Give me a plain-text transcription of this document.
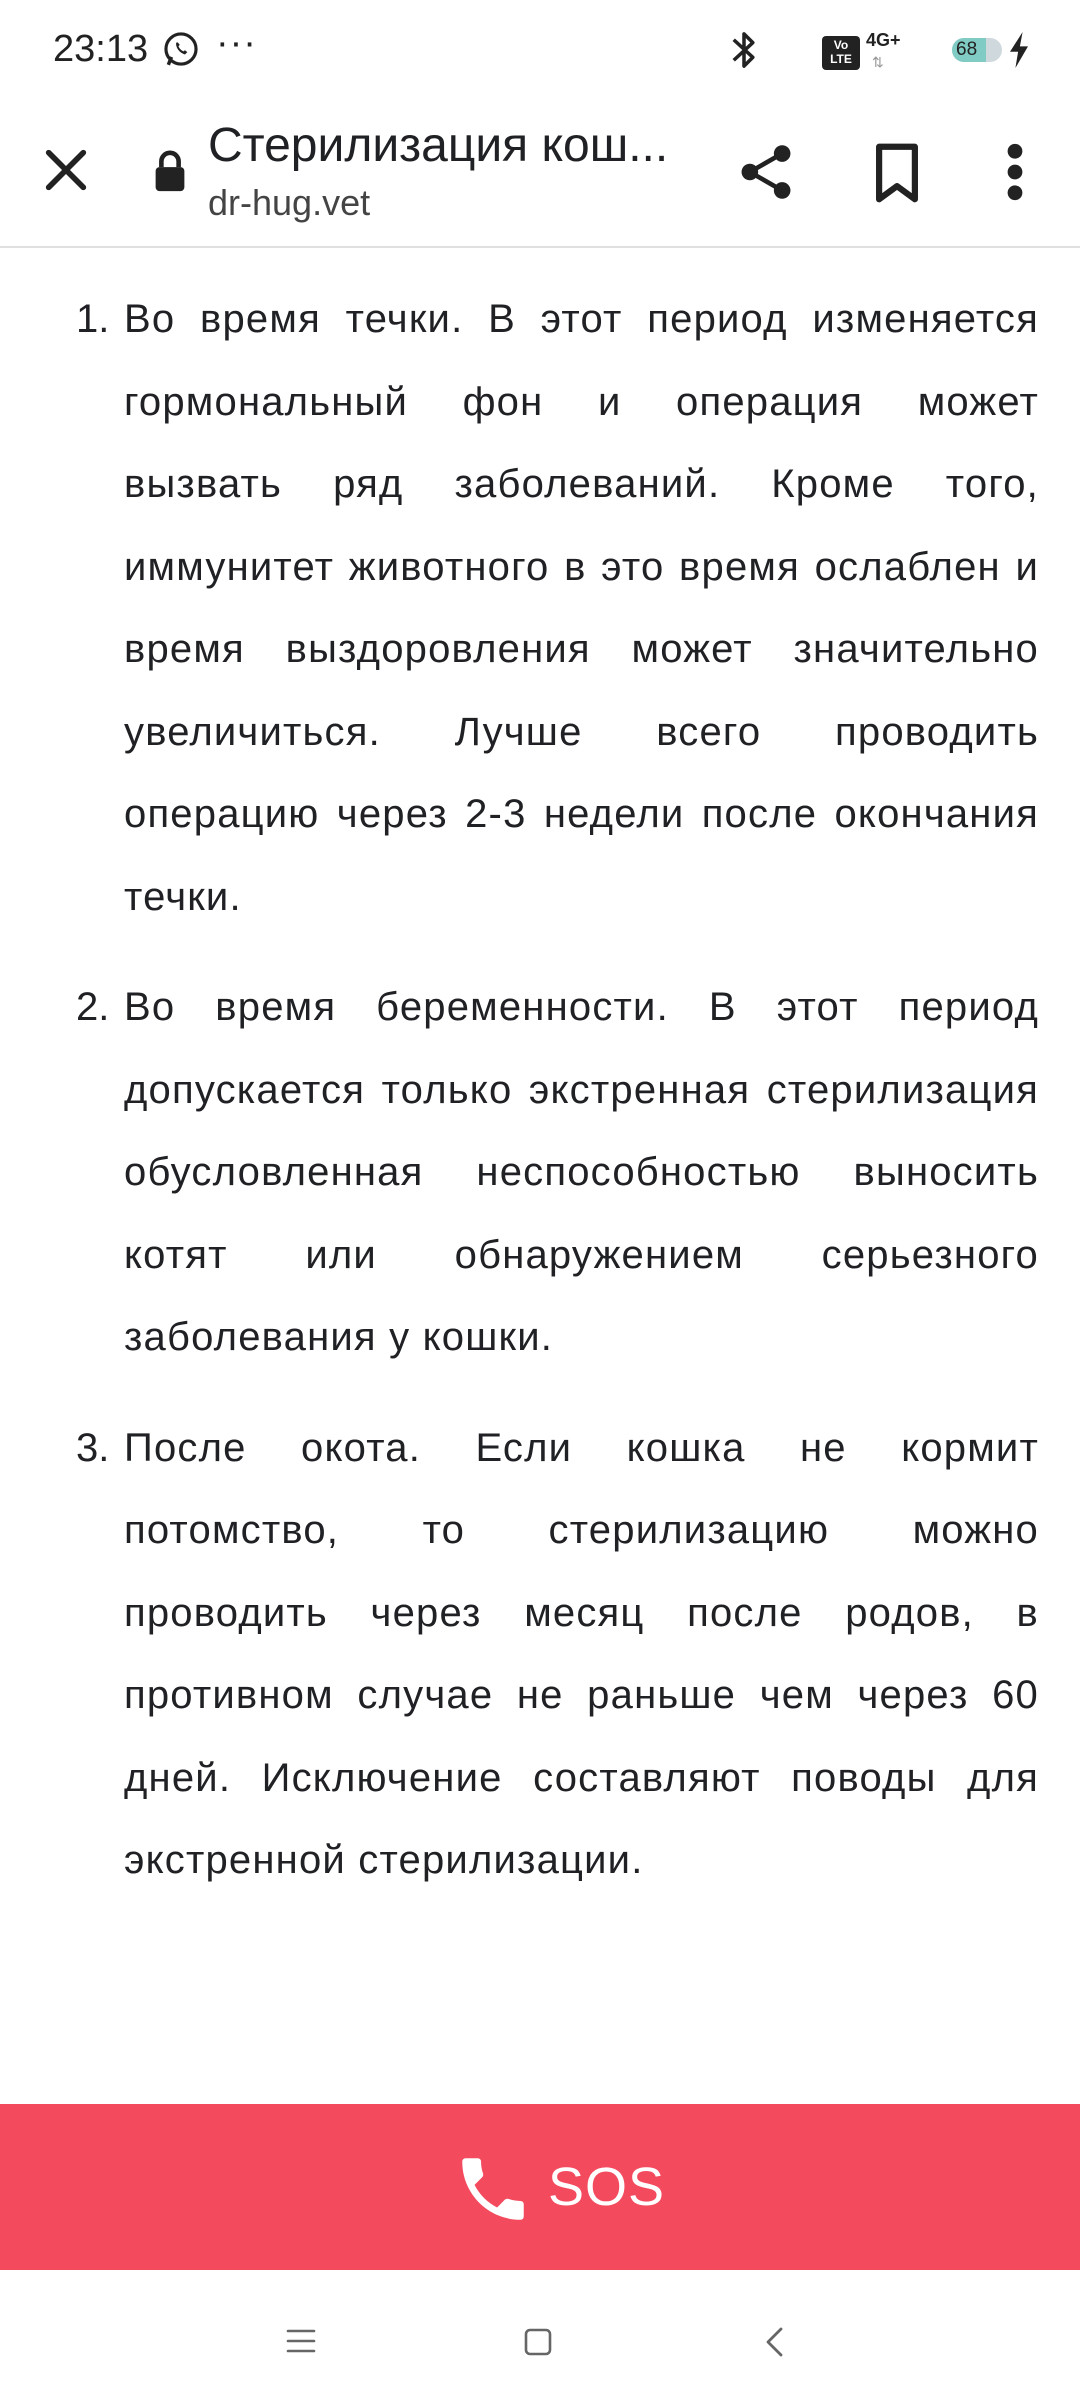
23:13 ···	Vo
LTE
4G+
⇅
68
Стерилизация кош...
dr-hug.vet
1. Во время течки. В этот период изменяется гормональный фон и операция может вызвать ряд заболеваний. Кроме того, иммунитет животного в это время ослаблен и время выздоровления может значительно увеличиться. Лучше всего проводить операцию через 2-3 недели после окончания течки.
2. Во время беременности. В этот период допускается только экстренная стерилизация обусловленная неспособностью выносить котят или обнаружением серьезного заболевания у кошки.
3. После окота. Если кошка не кормит потомство, то стерилизацию можно проводить через месяц после родов, в противном случае не раньше чем через 60 дней. Исключение составляют поводы для экстренной стерилизации.
SOS
